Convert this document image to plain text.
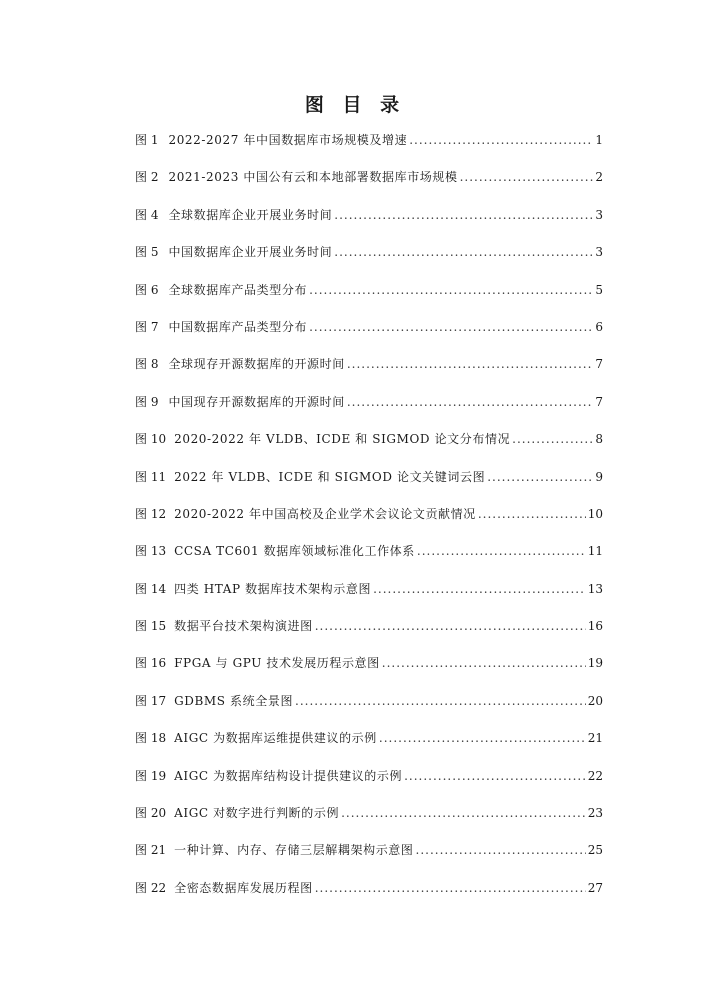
图 目 录
图 1 2022-2027 年中国数据库市场规模及增速 .....	1
图 2 2021-2023 中国公有云和本地部署数据库市场规模 .....	2
图 4 全球数据库企业开展业务时间 .....	3
图 5 中国数据库企业开展业务时间 .....	3
图 6 全球数据库产品类型分布 .....	5
图 7 中国数据库产品类型分布 .....	6
图 8 全球现存开源数据库的开源时间 .....	7
图 9 中国现存开源数据库的开源时间 .....	7
图 10 2020-2022 年 VLDB、ICDE 和 SIGMOD 论文分布情况 .....	8
图 11 2022 年 VLDB、ICDE 和 SIGMOD 论文关键词云图 .....	9
图 12 2020-2022 年中国高校及企业学术会议论文贡献情况 .....	10
图 13 CCSA TC601 数据库领域标准化工作体系 .....	11
图 14 四类 HTAP 数据库技术架构示意图 .....	13
图 15 数据平台技术架构演进图 .....	16
图 16 FPGA 与 GPU 技术发展历程示意图 .....	19
图 17 GDBMS 系统全景图 .....	20
图 18 AIGC 为数据库运维提供建议的示例 .....	21
图 19 AIGC 为数据库结构设计提供建议的示例 .....	22
图 20 AIGC 对数字进行判断的示例 .....	23
图 21 一种计算、内存、存储三层解耦架构示意图 .....	25
图 22 全密态数据库发展历程图 .....	27
